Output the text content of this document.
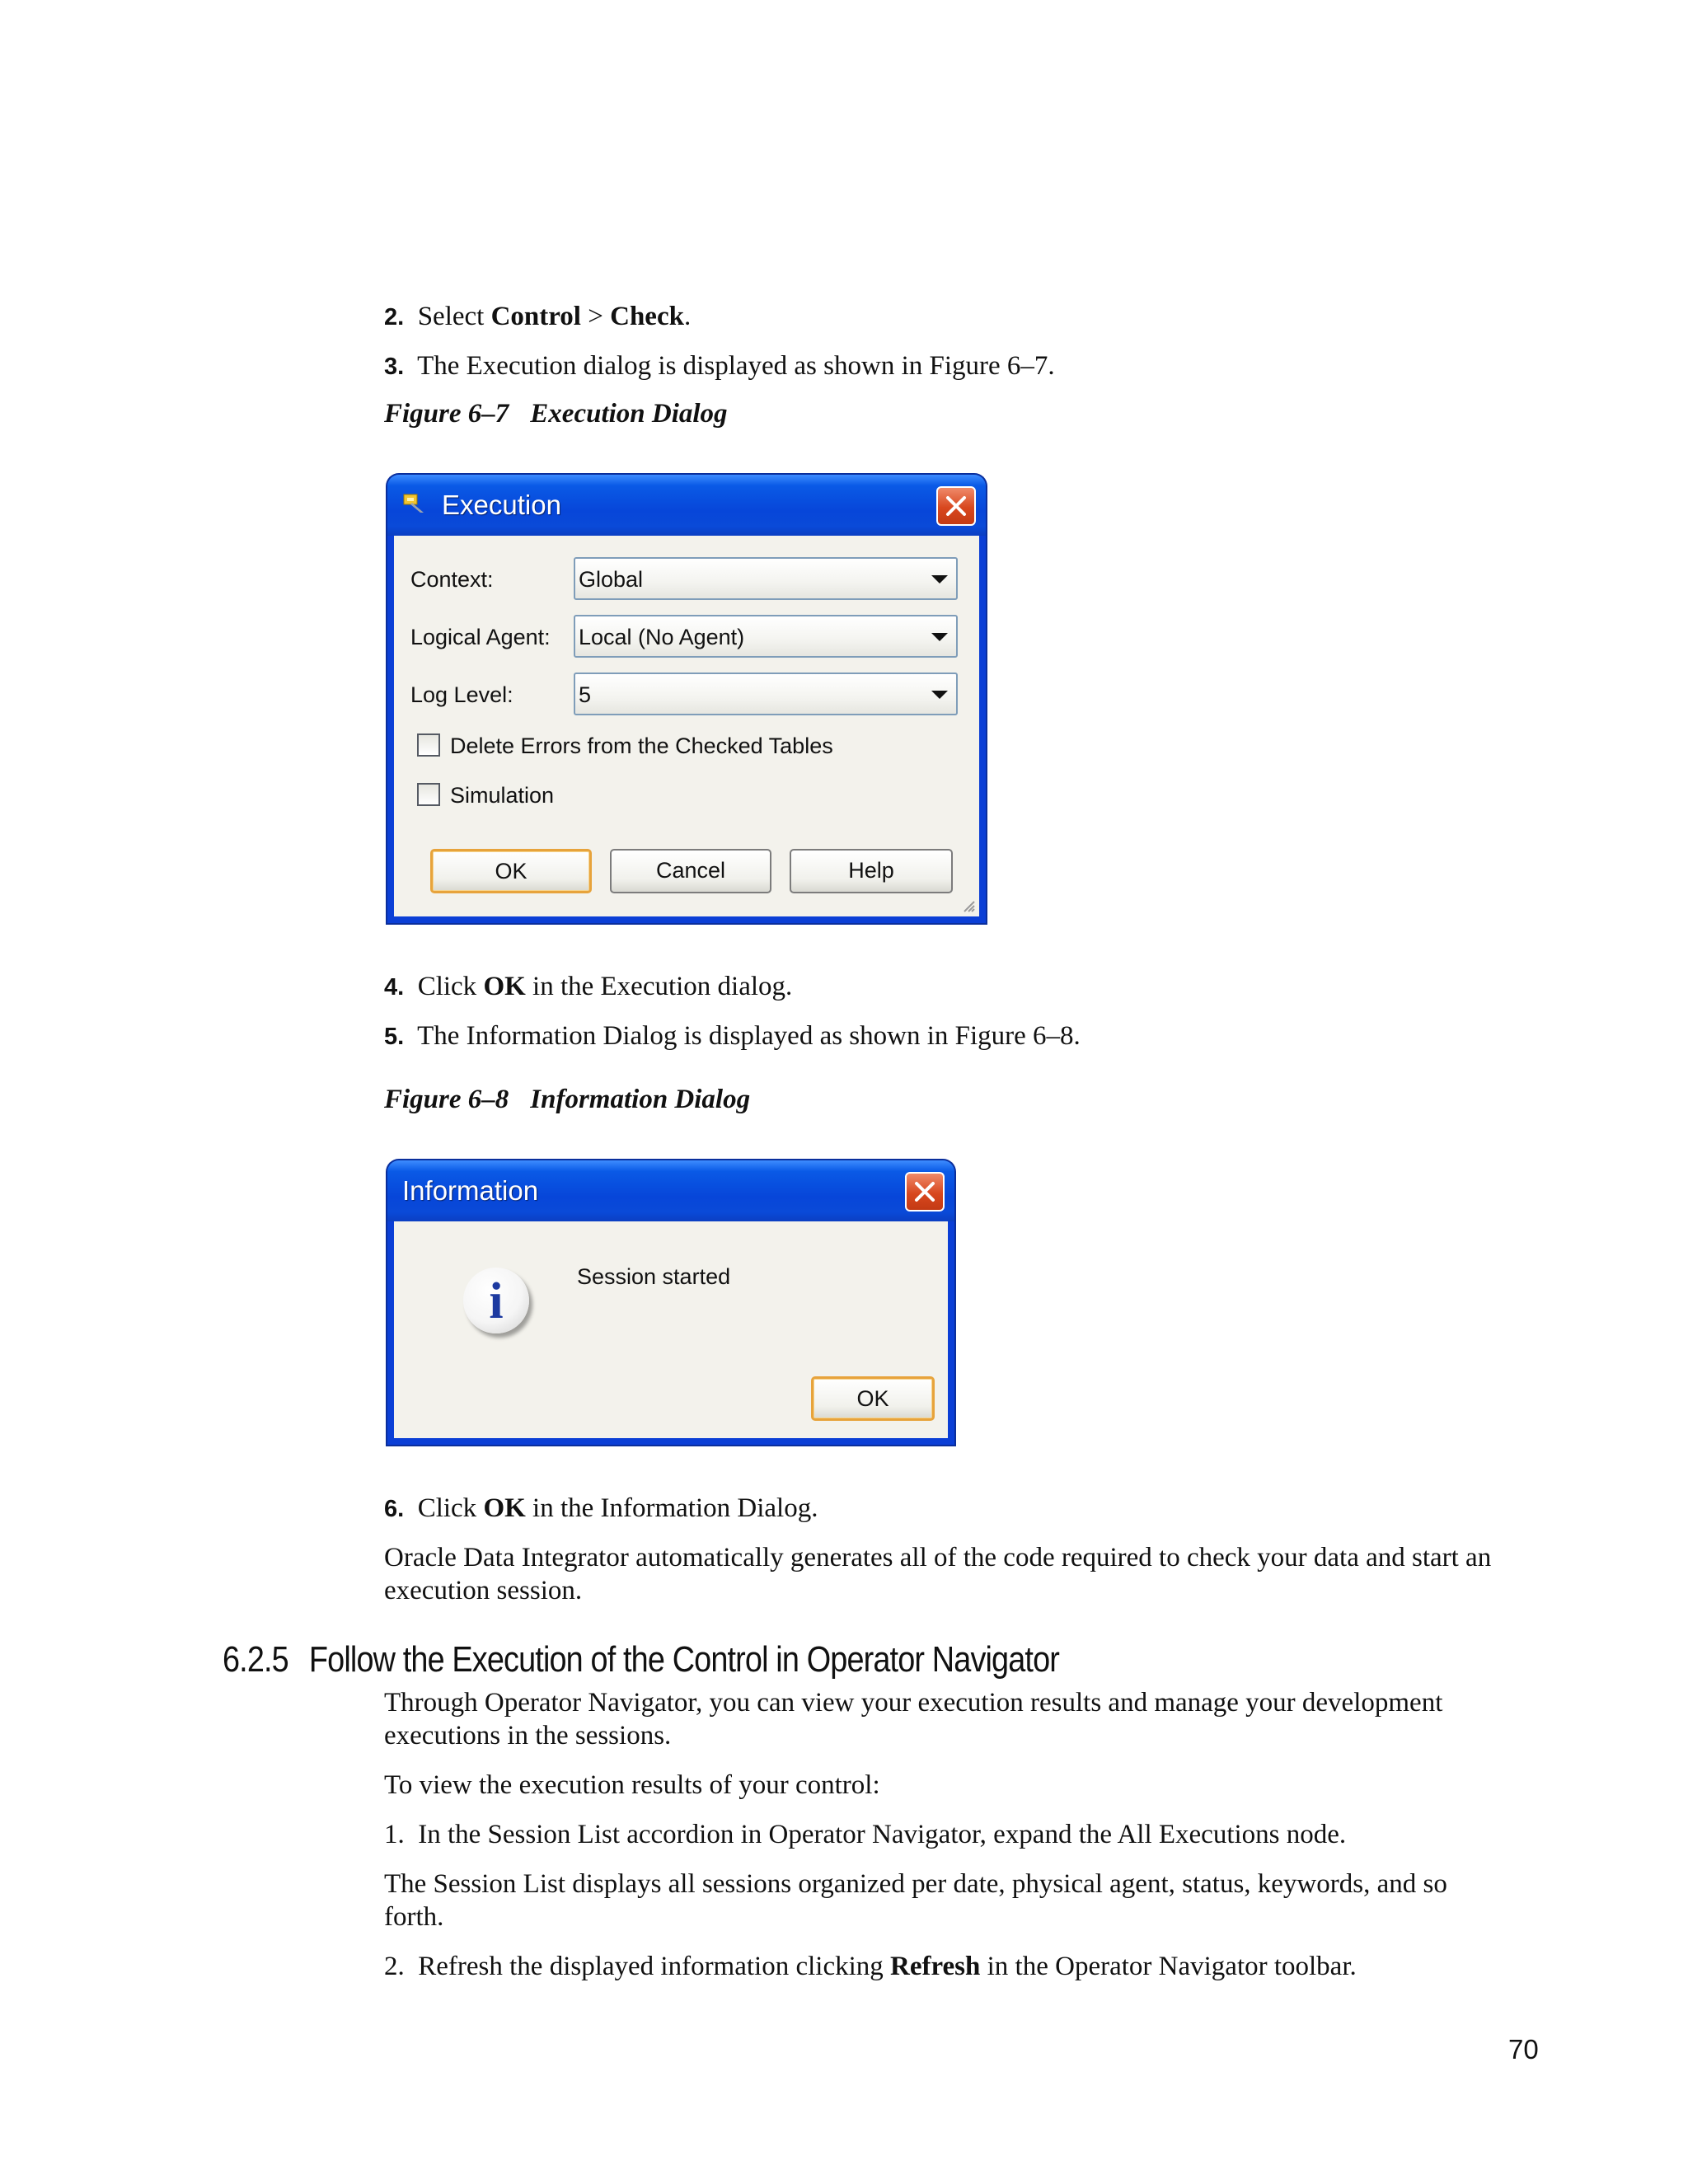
2. Select Control > Check.
3. The Execution dialog is displayed as shown in Figure 6–7.
Figure 6–7 Execution Dialog
Execution
Context:	Global
Logical Agent: Local (No Agent)
Log Level:	5
Delete Errors from the Checked Tables
Simulation
OK	Cancel	Help
4. Click OK in the Execution dialog.
5. The Information Dialog is displayed as shown in Figure 6–8.
Figure 6–8 Information Dialog
Information
i	Session started
OK
6. Click OK in the Information Dialog.
Oracle Data Integrator automatically generates all of the code required to check your data and start an execution session.
6.2.5 Follow the Execution of the Control in Operator Navigator
Through Operator Navigator, you can view your execution results and manage your development executions in the sessions.
To view the execution results of your control:
1. In the Session List accordion in Operator Navigator, expand the All Executions node.
The Session List displays all sessions organized per date, physical agent, status, keywords, and so forth.
2. Refresh the displayed information clicking Refresh in the Operator Navigator toolbar.
70
